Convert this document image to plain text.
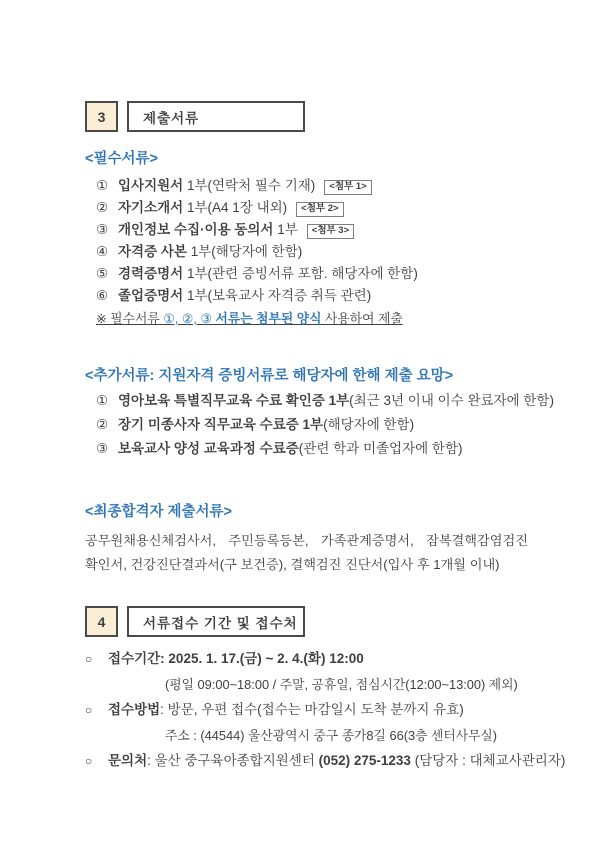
3	제출서류
<필수서류>
① 입사지원서 1부(연락처 필수 기재) <첨부 1>
② 자기소개서 1부(A4 1장 내외) <첨부 2>
③ 개인정보 수집·이용 동의서 1부 <첨부 3>
④ 자격증 사본 1부(해당자에 한함)
⑤ 경력증명서 1부(관련 증빙서류 포함. 해당자에 한함)
⑥ 졸업증명서 1부(보육교사 자격증 취득 관련)
※ 필수서류 ①, ②, ③ 서류는 첨부된 양식 사용하여 제출
<추가서류: 지원자격 증빙서류로 해당자에 한해 제출 요망>
① 영아보육 특별직무교육 수료 확인증 1부(최근 3년 이내 이수 완료자에 한함)
② 장기 미종사자 직무교육 수료증 1부(해당자에 한함)
③ 보육교사 양성 교육과정 수료증(관련 학과 미졸업자에 한함)
<최종합격자 제출서류>
공무원채용신체검사서, 주민등록등본, 가족관계증명서, 잠복결핵감염검진 확인서, 건강진단결과서(구 보건증), 결핵검진 진단서(입사 후 1개월 이내)
4	서류접수 기간 및 접수처
○ 접수기간: 2025. 1. 17.(금) ~ 2. 4.(화) 12:00
(평일 09:00~18:00 / 주말, 공휴일, 점심시간(12:00~13:00) 제외)
○ 접수방법: 방문, 우편 접수(접수는 마감일시 도착 분까지 유효)
주소 : (44544) 울산광역시 중구 종가8길 66(3층 센터사무실)
○ 문의처: 울산 중구육아종합지원센터 (052) 275-1233 (담당자 : 대체교사관리자)
